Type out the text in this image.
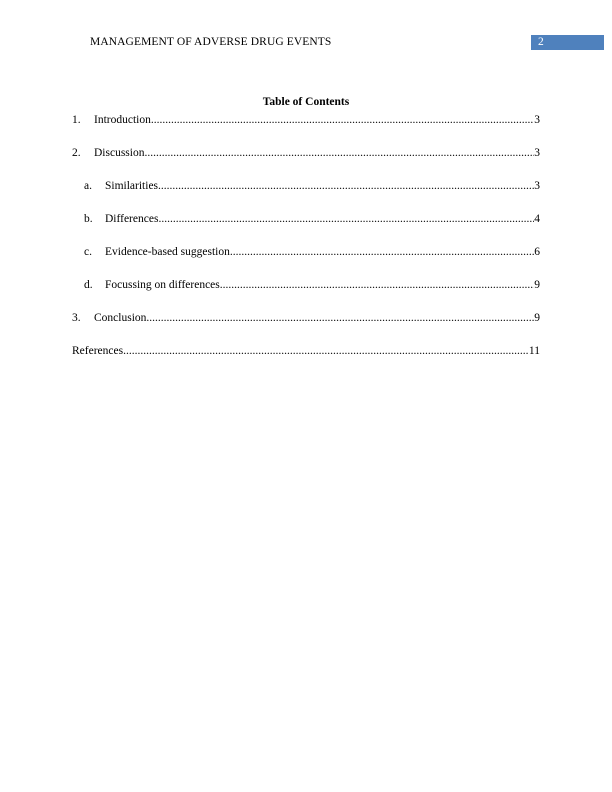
MANAGEMENT OF ADVERSE DRUG EVENTS	2
Table of Contents
1.	Introduction .....	3
2.	Discussion .....	3
a.	Similarities .....	3
b.	Differences .....	4
c.	Evidence-based suggestion .....	6
d.	Focussing on differences .....	9
3.	Conclusion .....	9
References .....	11
